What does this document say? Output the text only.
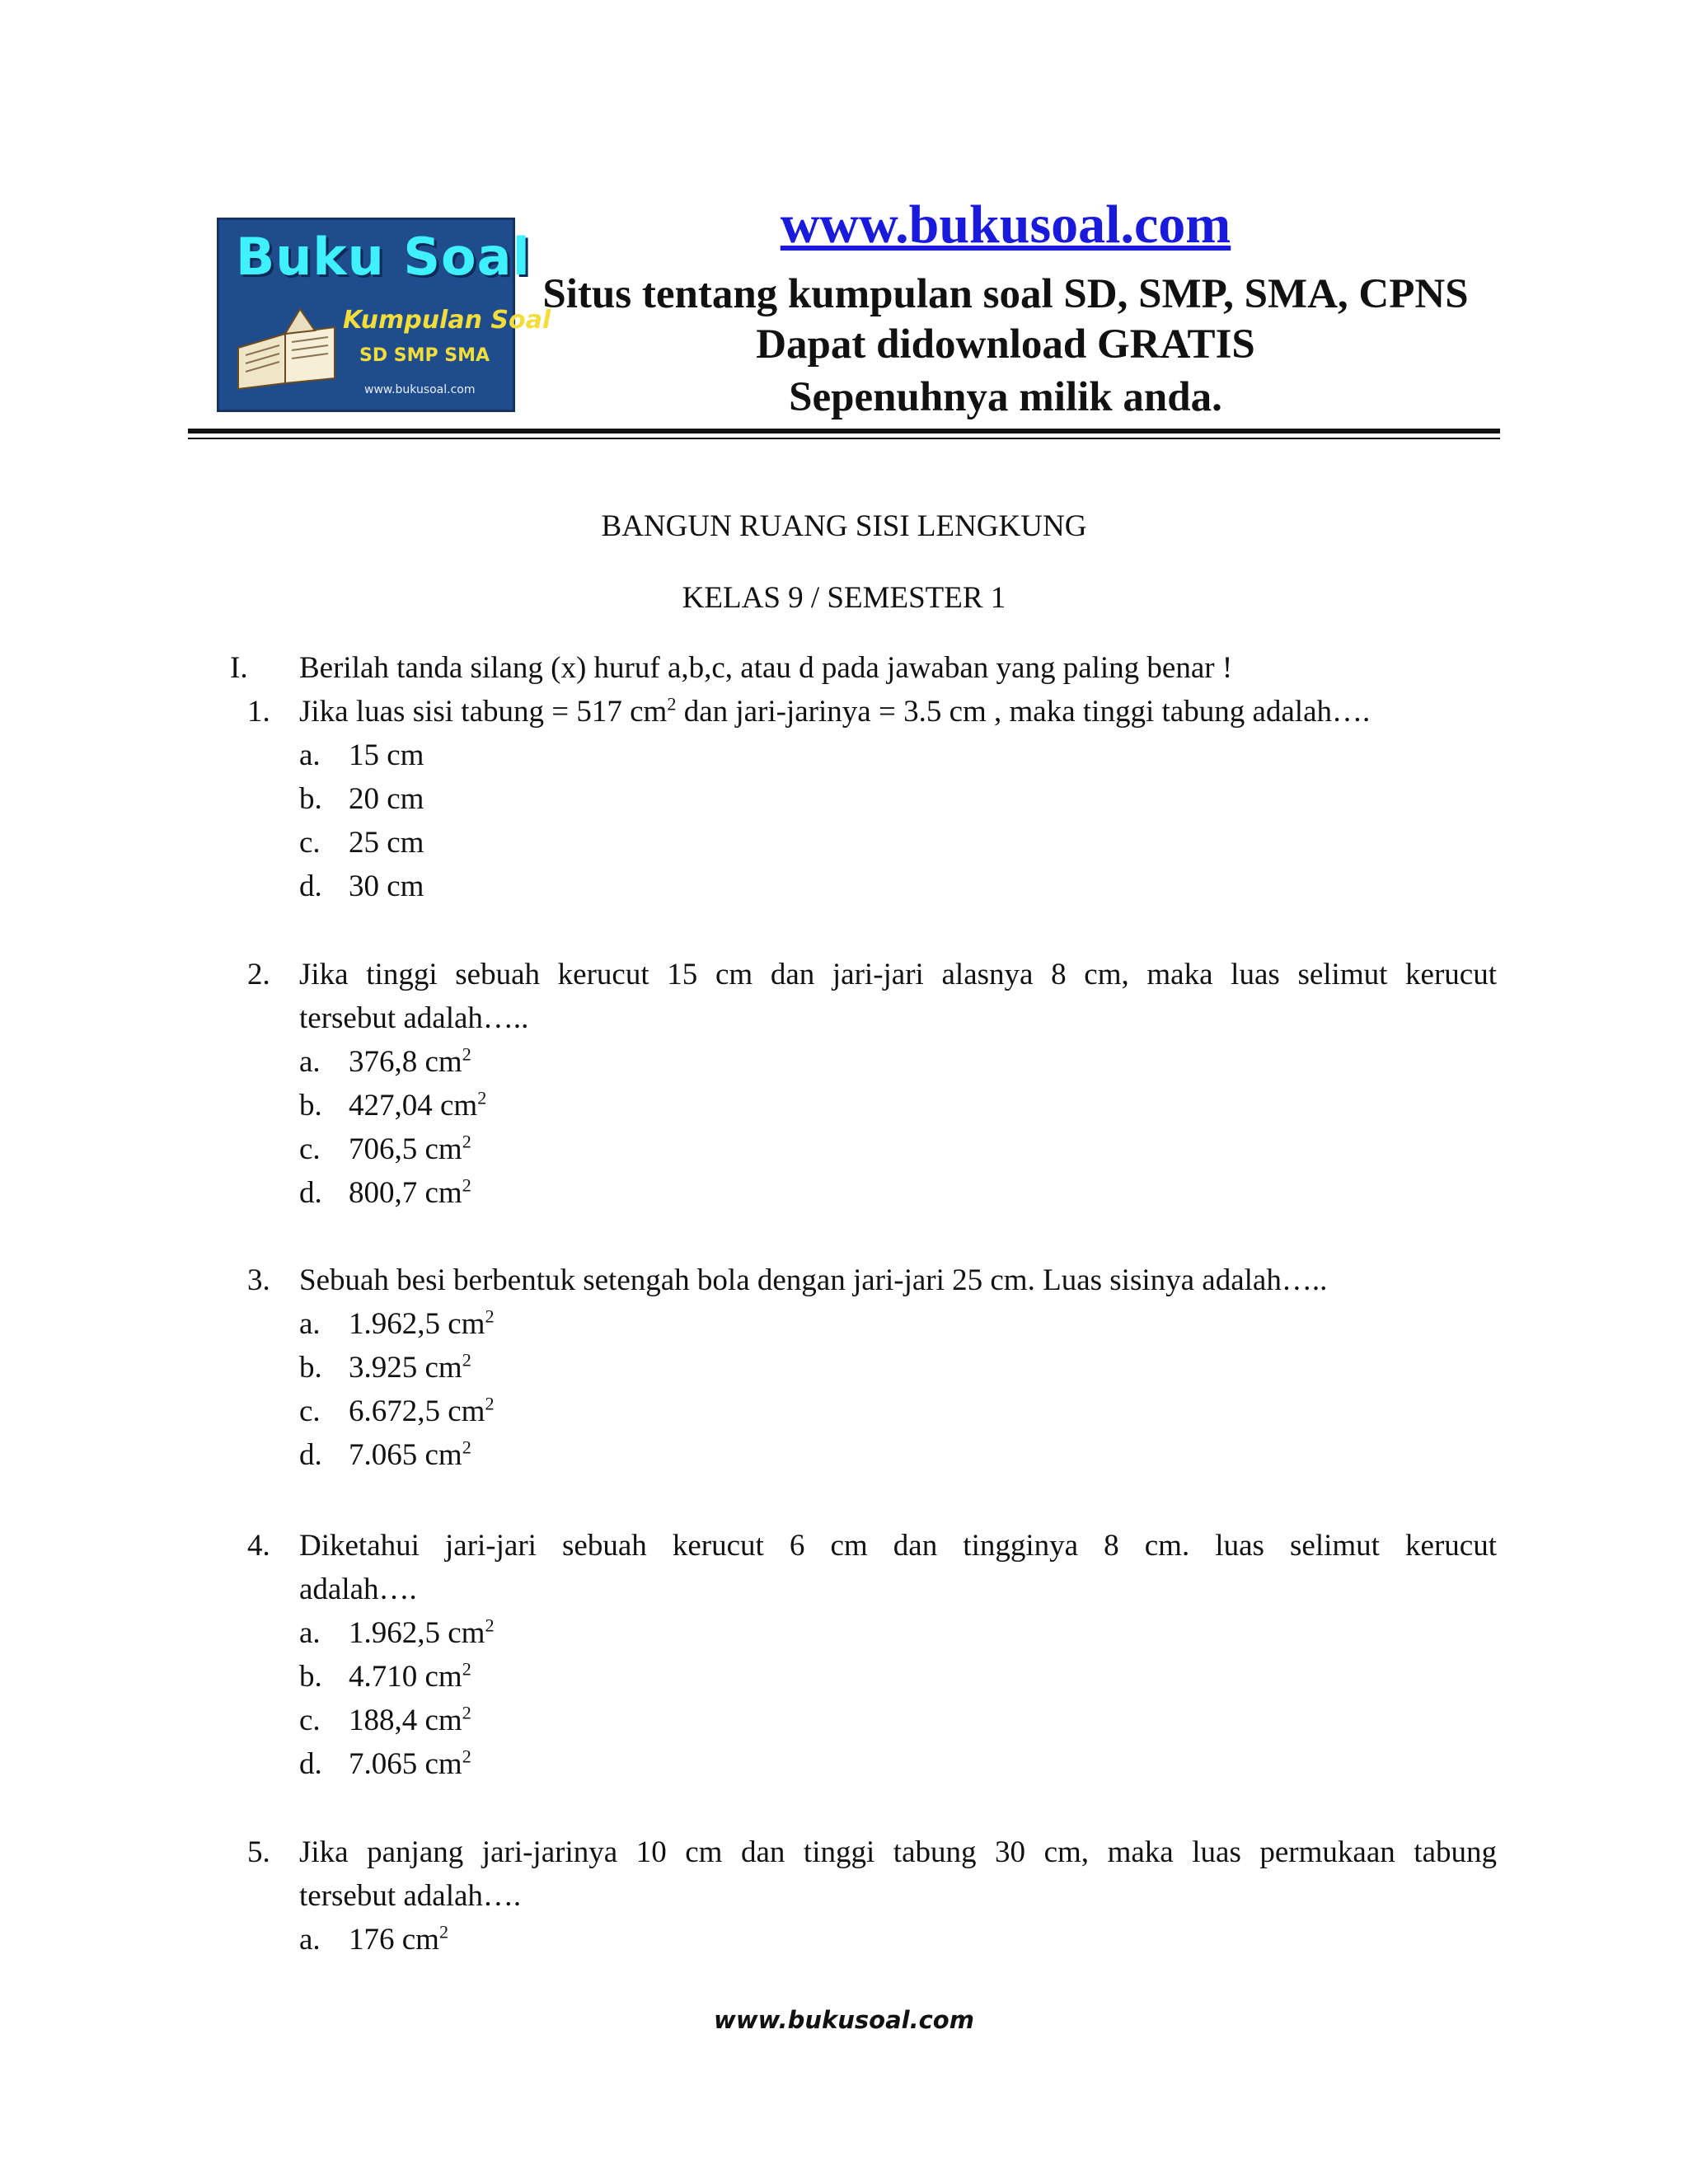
Buku Soal
Kumpulan Soal
SD SMP SMA
www.bukusoal.com
www.bukusoal.com
Situs tentang kumpulan soal SD, SMP, SMA, CPNS
Dapat didownload GRATIS
Sepenuhnya milik anda.
BANGUN RUANG SISI LENGKUNG
KELAS 9 / SEMESTER 1
I. Berilah tanda silang (x) huruf a,b,c, atau d pada jawaban yang paling benar !
1. Jika luas sisi tabung = 517 $cm^2$ dan jari-jarinya = 3.5 cm , maka tinggi tabung adalah….
a. 15 cm
b. 20 cm
c. 25 cm
d. 30 cm
2. Jika tinggi sebuah kerucut 15 cm dan jari-jari alasnya 8 cm, maka luas selimut kerucut
tersebut adalah…..
a. 376,8 $cm^2$
b. 427,04 $cm^2$
c. 706,5 $cm^2$
d. 800,7 $cm^2$
3. Sebuah besi berbentuk setengah bola dengan jari-jari 25 cm. Luas sisinya adalah…..
a. 1.962,5 $cm^2$
b. 3.925 $cm^2$
c. 6.672,5 $cm^2$
d. 7.065 $cm^2$
4. Diketahui jari-jari sebuah kerucut 6 cm dan tingginya 8 cm. luas selimut kerucut
adalah….
a. 1.962,5 $cm^2$
b. 4.710 $cm^2$
c. 188,4 $cm^2$
d. 7.065 $cm^2$
5. Jika panjang jari-jarinya 10 cm dan tinggi tabung 30 cm, maka luas permukaan tabung
tersebut adalah….
a. 176 $cm^2$
www.bukusoal.com
